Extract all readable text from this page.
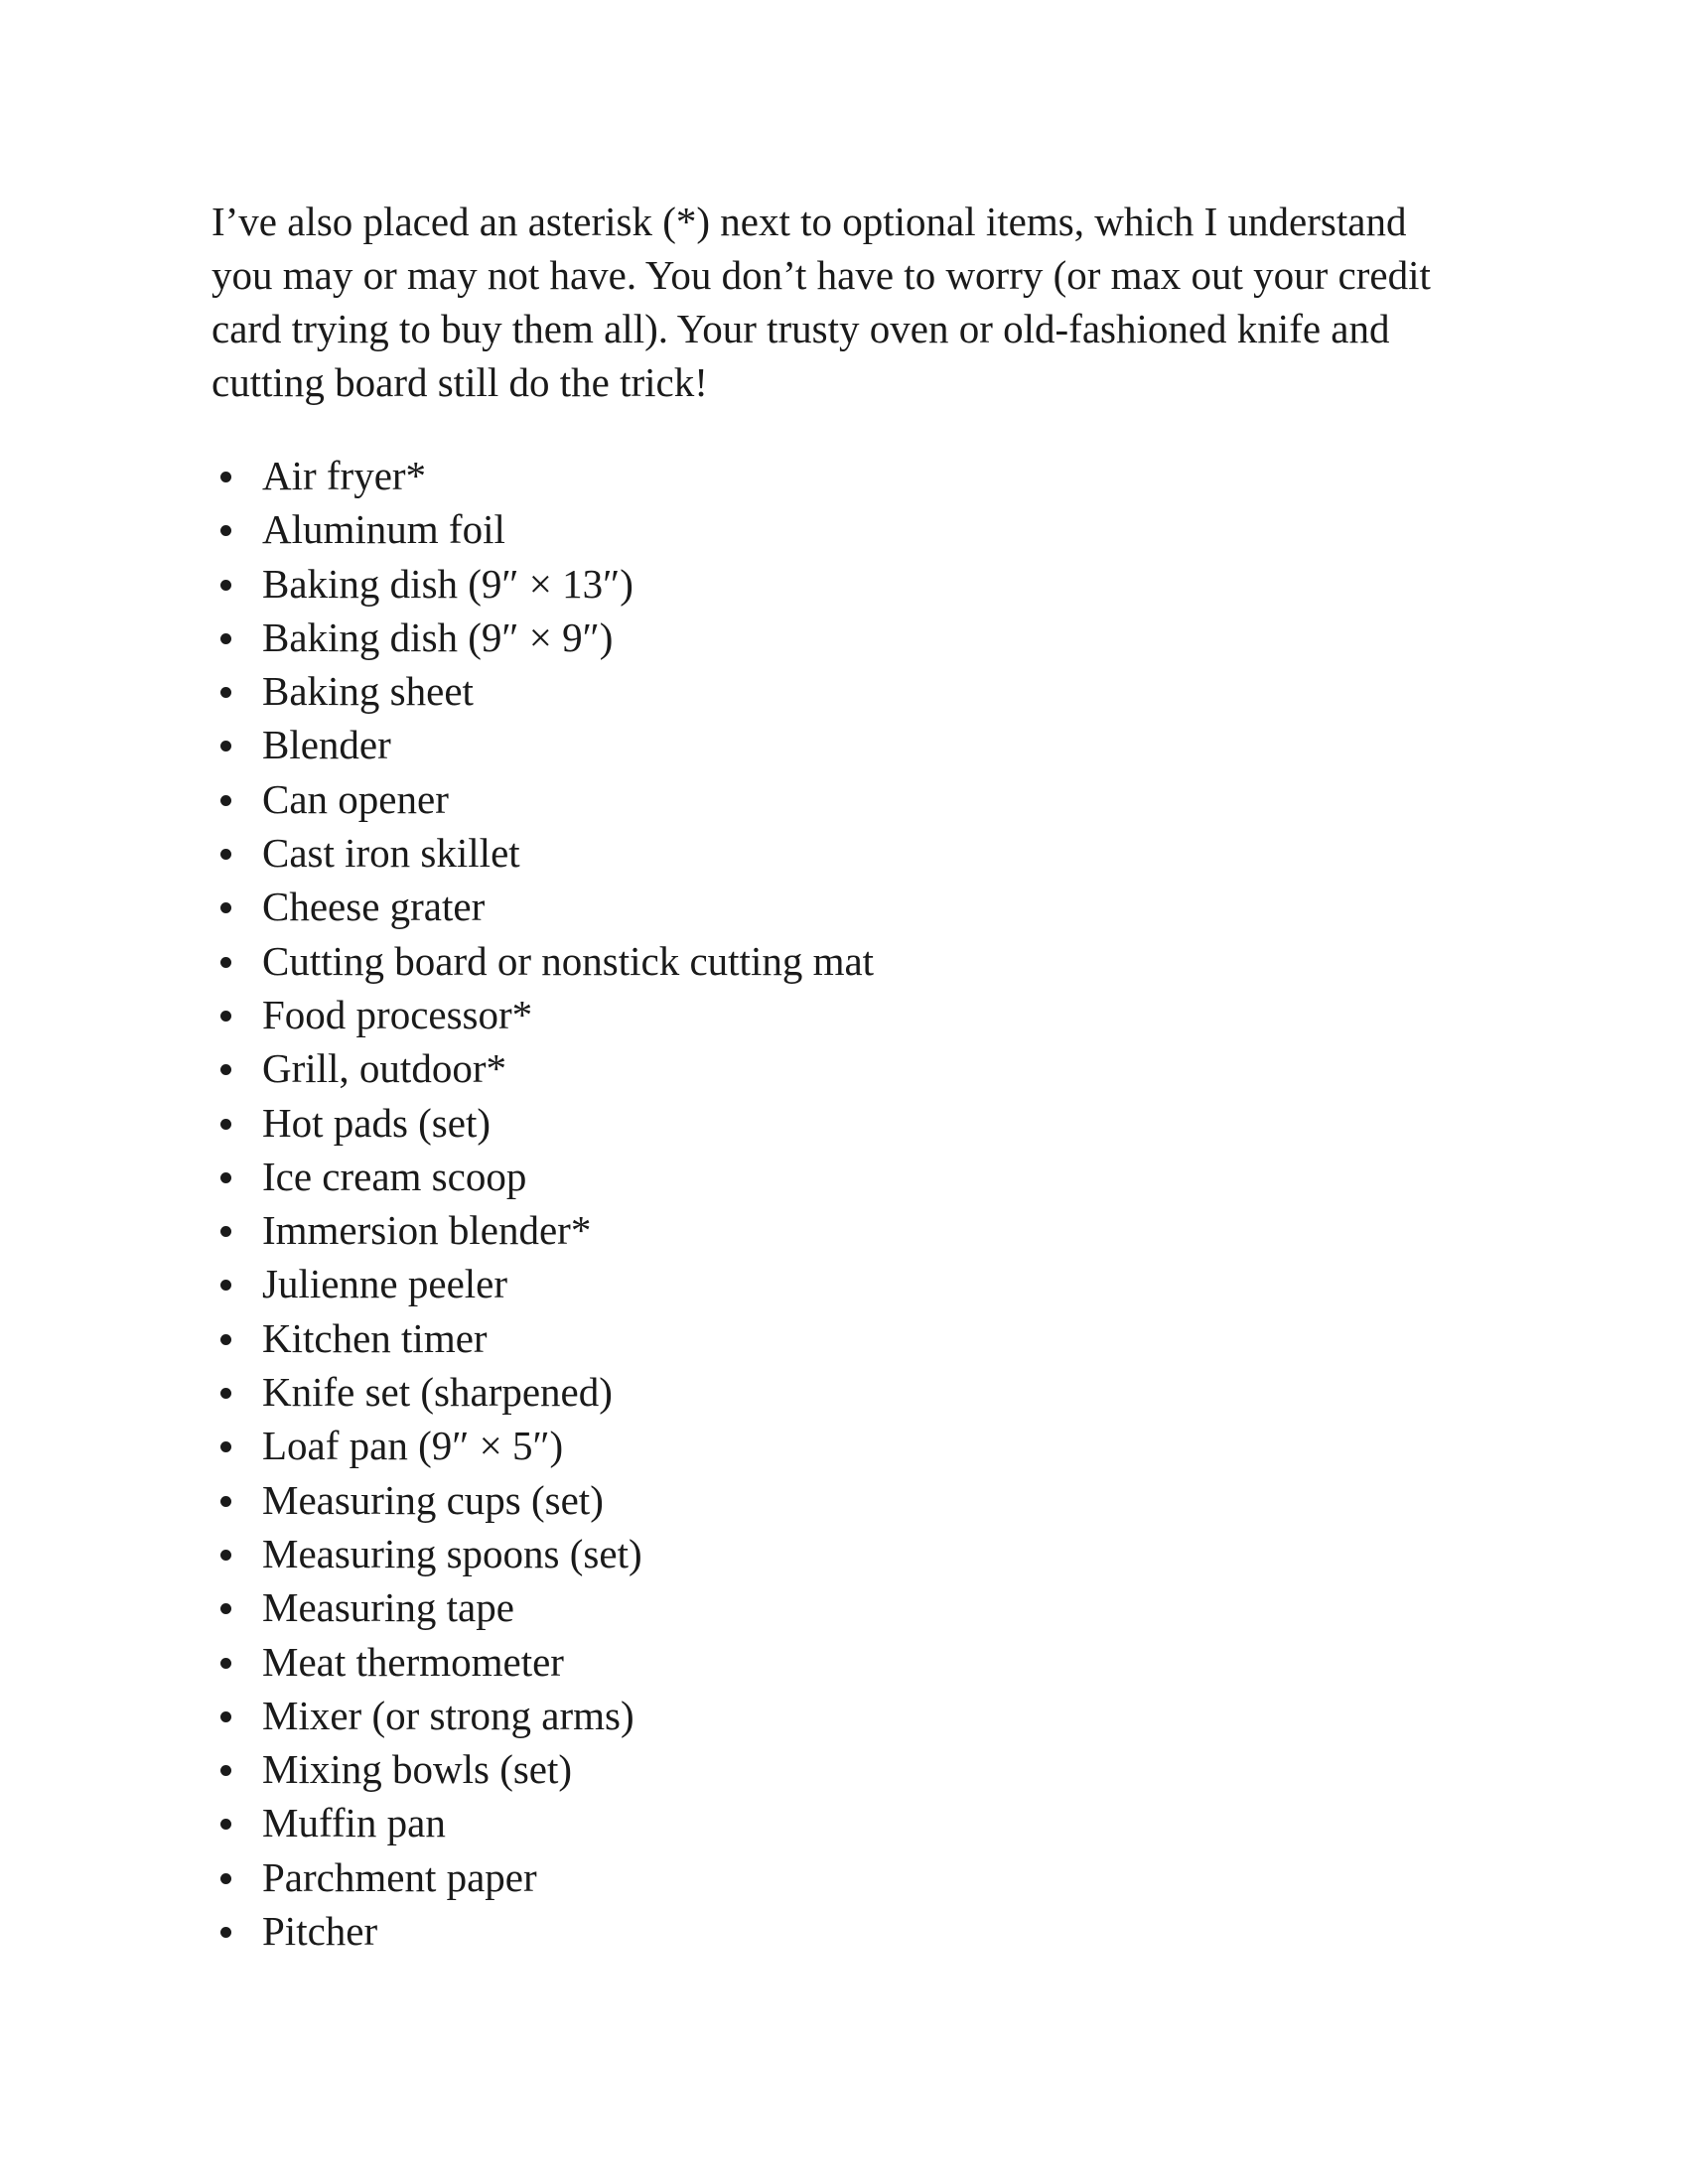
I’ve also placed an asterisk (*) next to optional items, which I understand you may or may not have. You don’t have to worry (or max out your credit card trying to buy them all). Your trusty oven or old-fashioned knife and cutting board still do the trick!

Air fryer*
Aluminum foil
Baking dish (9″ × 13″)
Baking dish (9″ × 9″)
Baking sheet
Blender
Can opener
Cast iron skillet
Cheese grater
Cutting board or nonstick cutting mat
Food processor*
Grill, outdoor*
Hot pads (set)
Ice cream scoop
Immersion blender*
Julienne peeler
Kitchen timer
Knife set (sharpened)
Loaf pan (9″ × 5″)
Measuring cups (set)
Measuring spoons (set)
Measuring tape
Meat thermometer
Mixer (or strong arms)
Mixing bowls (set)
Muffin pan
Parchment paper
Pitcher
